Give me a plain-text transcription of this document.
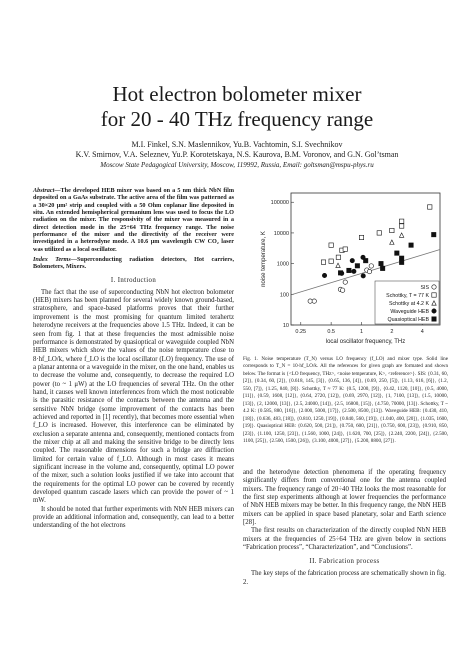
Hot electron bolometer mixer
for 20 - 40 THz frequency range
M.I. Finkel, S.N. Maslennikov, Yu.B. Vachtomin, S.I. Svechnikov
K.V. Smirnov, V.A. Seleznev, Yu.P. Korotetskaya, N.S. Kaurova, B.M. Voronov, and G.N. Gol’tsman
Moscow State Pedagogical University, Moscow, 119992, Russia, Email: goltsman@mspu-phys.ru

Abstract—The developed HEB mixer was based on a 5 nm thick NbN film deposited on a GaAs substrate. The active area of the film was patterned as a 30×20 μm² strip and coupled with a 50 Ohm coplanar line deposited in situ. An extended hemispherical germanium lens was used to focus the LO radiation on the mixer. The responsivity of the mixer was measured in a direct detection mode in the 25÷64 THz frequency range. The noise performance of the mixer and the directivity of the receiver were investigated in a heterodyne mode. A 10.6 μm wavelength CW CO₂ laser was utilized as a local oscillator.

Index Terms—Superconducting radiation detectors, Hot carriers, Bolometers, Mixers.

I. Introduction

The fact that the use of superconducting NbN hot electron bolometer (HEB) mixers has been planned for several widely known ground-based, stratosphere, and space-based platforms proves that their further improvement is the most promising for quantum limited terahertz heterodyne receivers at the frequencies above 1.5 THz. Indeed, it can be seen from fig. 1 that at these frequencies the most admissible noise performance is demonstrated by quasioptical or waveguide coupled NbN HEB mixers which show the values of the noise temperature close to 8·hf_LO/k, where f_LO is the local oscillator (LO) frequency. The use of a planar antenna or a waveguide in the mixer, on the one hand, enables us to decrease the volume and, consequently, to decrease the required LO power (to ~ 1 μW) at the LO frequencies of several THz. On the other hand, it causes well known interferences from which the most noticeable is the parasitic resistance of the contacts between the antenna and the sensitive NbN bridge (some improvement of the contacts has been achieved and reported in [1] recently), that becomes more essential when f_LO is increased. However, this interference can be eliminated by exclusion a separate antenna and, consequently, mentioned contacts from the mixer chip at all and making the sensitive bridge to be directly lens coupled. The reasonable dimensions for such a bridge are diffraction limited for certain value of f_LO. Although in most cases it means significant increase in the volume and, consequently, optimal LO power of the mixer, such a solution looks justified if we take into account that the requirements for the optimal LO power can be covered by recently developed quantum cascade lasers which can provide the power of ~ 1 mW.

It should be noted that further experiments with NbN HEB mixers can provide an additional information and, consequently, can lead to a better understanding of the hot electrons

0.25	0.5	1	2	4
10
100
1000
10000
100000
local oscillator frequency, THz
noise temperature, K
SIS
Schottky, T = 77 K
Schottky at 4.2 K
Waveguide HEB
Quasioptical HEB

Fig. 1. Noise temperature (T_N) versus LO frequency (f_LO) and mixer type. Solid line corresponds to T_N = 10·hf_LO/k. All the references for given graph are formated and shown below. The format is {<LO frequency, THz>, <noise temperature, K>, <reference>}. SIS: {0.31, 60, [2]}, {0.34, 60, [2]}, {0.618, 145, [3]}, {0.65, 136, [4]}, {0.69, 250, [5]}, {1.13, 616, [6]}, {1.2, 550, [7]}, {1.25, 840, [8]}. Schottky, T ≈ 77 K: {0.5, 1200, [9]}, {0.42, 1120, [10]}, {0.5, 4000, [11]}, {0.59, 1608, [12]}, {0.64, 2720, [12]}, {0.69, 2970, [12]}, {1, 7100, [13]}, {1.5, 10000, [13]}, {2, 12000, [13]}, {2.5, 24000, [14]}, {2.5, 16800, [15]}, {4.750, 70000, [13]}. Schottky, T ~ 4.2 K: {0.585, 880, [16]}, {2.000, 5000, [17]}, {2.500, 8500, [13]}. Waveguide HEB: {0.430, 410, [18]}, {0.636, 483, [18]}, {0.810, 1250, [19]}, {0.840, 560, [19]}, {1.040, 400, [20]}, {1.035, 1600, [19]}. Quasioptical HEB: {0.620, 500, [21]}, {0.750, 600, [21]}, {0.750, 600, [23]}, {0.910, 850, [23]}, {1.100, 1250, [23]}, {1.560, 1000, [24]}, {1.620, 700, [25]}, {2.240, 2200, [24]}, {2.500, 1100, [25]}, {2.500, 1500, [26]}, {3.100, 4000, [27]}, {5.200, 8800, [27]}.

and the heterodyne detection phenomena if the operating frequency significantly differs from conventional one for the antenna coupled mixers. The frequency range of 20÷40 THz looks the most reasonable for the first step experiments although at lower frequencies the performance of NbN HEB mixers may be better. In this frequency range, the NbN HEB mixers can be applied in space based planetary, solar and Earth science [28].

The first results on characterization of the directly coupled NbN HEB mixers at the frequencies of 25÷64 THz are given below in sections “Fabrication process”, “Characterization”, and “Conclusions”.

II. Fabrication process

The key steps of the fabrication process are schematically shown in fig. 2.
